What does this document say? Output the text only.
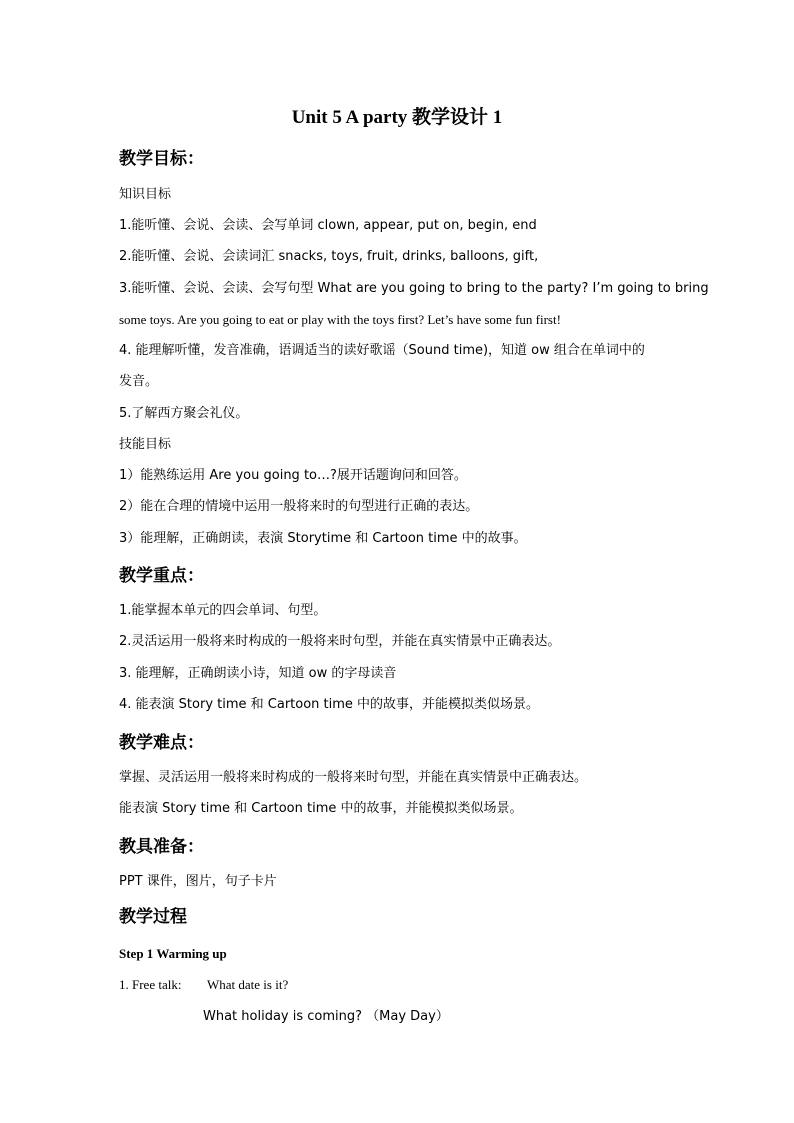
Unit 5 A party 教学设计 1
教学目标：
知识目标
1.能听懂、会说、会读、会写单词 clown, appear, put on, begin, end
2.能听懂、会说、会读词汇 snacks, toys, fruit, drinks, balloons, gift,
3.能听懂、会说、会读、会写句型 What are you going to bring to the party? I’m going to bring
some toys. Are you going to eat or play with the toys first? Let’s have some fun first!
4. 能理解听懂，发音准确，语调适当的读好歌谣（Sound time)，知道 ow 组合在单词中的
发音。
5.了解西方聚会礼仪。
技能目标
1）能熟练运用 Are you going to…?展开话题询问和回答。
2）能在合理的情境中运用一般将来时的句型进行正确的表达。
3）能理解，正确朗读，表演 Storytime 和 Cartoon time 中的故事。
教学重点：
1.能掌握本单元的四会单词、句型。
2.灵活运用一般将来时构成的一般将来时句型，并能在真实情景中正确表达。
3. 能理解，正确朗读小诗，知道 ow 的字母读音
4. 能表演 Story time 和 Cartoon time 中的故事，并能模拟类似场景。
教学难点：
掌握、灵活运用一般将来时构成的一般将来时句型，并能在真实情景中正确表达。
能表演 Story time 和 Cartoon time 中的故事，并能模拟类似场景。
教具准备：
PPT 课件，图片，句子卡片
教学过程
Step 1 Warming up
1. Free talk: What date is it?
What holiday is coming? （May Day）
